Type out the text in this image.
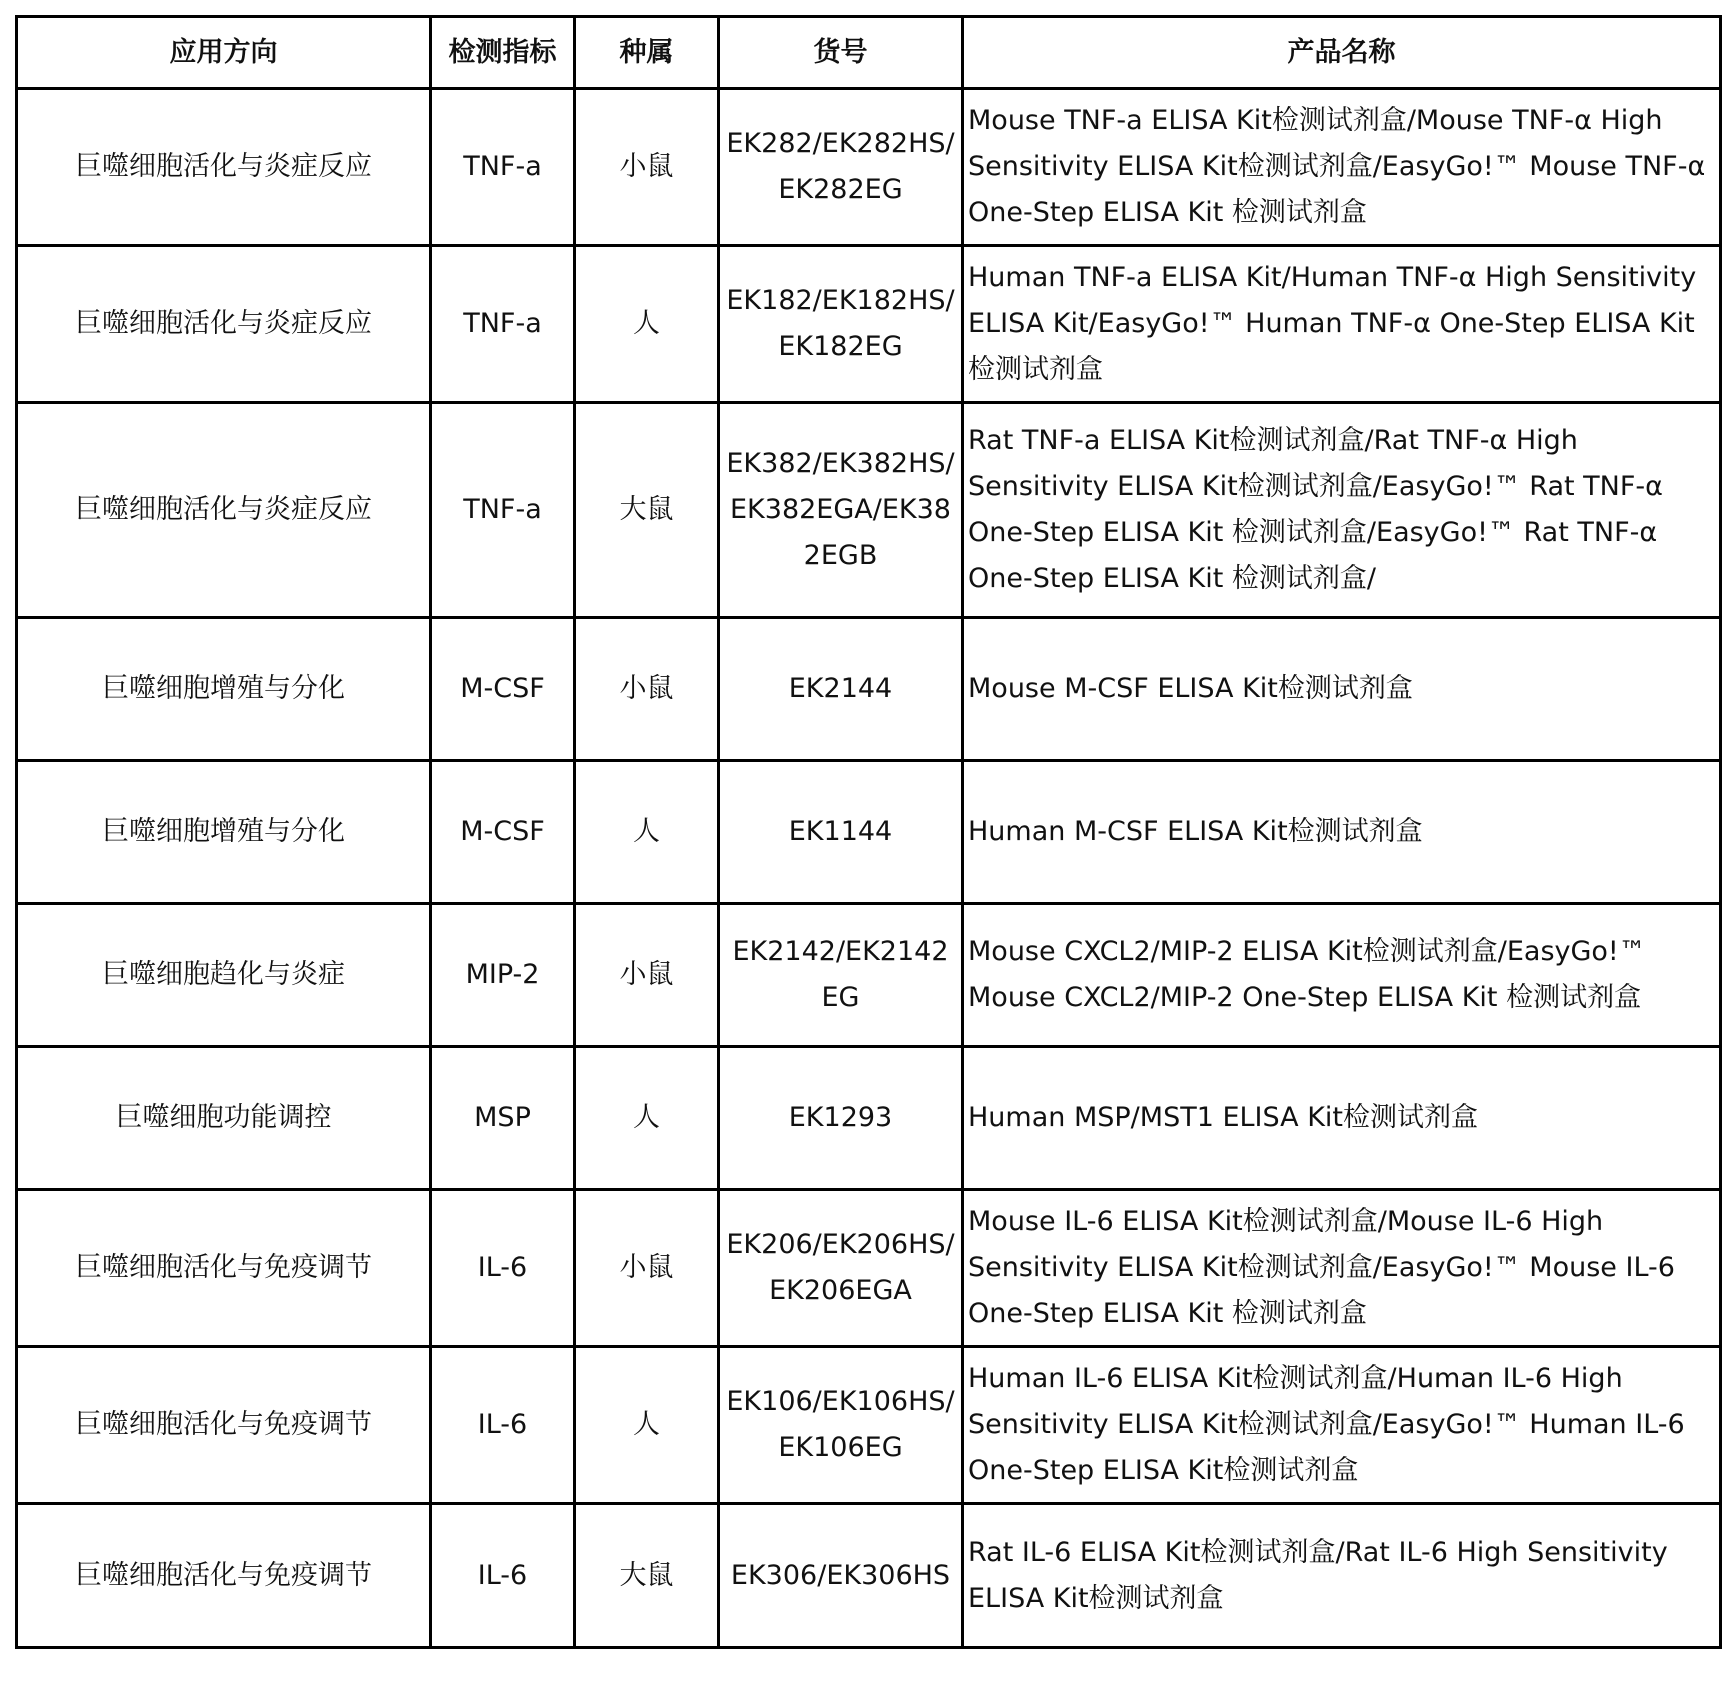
应用方向	检测指标	种属	货号	产品名称
巨噬细胞活化与炎症反应	TNF-a	小鼠	EK282/EK282HS/EK282EG	Mouse TNF-a ELISA Kit检测试剂盒/Mouse TNF-α High Sensitivity ELISA Kit检测试剂盒/EasyGo!™ Mouse TNF-α One-Step ELISA Kit 检测试剂盒
巨噬细胞活化与炎症反应	TNF-a	人	EK182/EK182HS/EK182EG	Human TNF-a ELISA Kit/Human TNF-α High Sensitivity ELISA Kit/EasyGo!™ Human TNF-α One-Step ELISA Kit检测试剂盒
巨噬细胞活化与炎症反应	TNF-a	大鼠	EK382/EK382HS/EK382EGA/EK382EGB	Rat TNF-a ELISA Kit检测试剂盒/Rat TNF-α High Sensitivity ELISA Kit检测试剂盒/EasyGo!™ Rat TNF-α One-Step ELISA Kit 检测试剂盒/EasyGo!™ Rat TNF-α One-Step ELISA Kit 检测试剂盒/
巨噬细胞增殖与分化	M-CSF	小鼠	EK2144	Mouse M-CSF ELISA Kit检测试剂盒
巨噬细胞增殖与分化	M-CSF	人	EK1144	Human M-CSF ELISA Kit检测试剂盒
巨噬细胞趋化与炎症	MIP-2	小鼠	EK2142/EK2142EG	Mouse CXCL2/MIP-2 ELISA Kit检测试剂盒/EasyGo!™ Mouse CXCL2/MIP-2 One-Step ELISA Kit 检测试剂盒
巨噬细胞功能调控	MSP	人	EK1293	Human MSP/MST1 ELISA Kit检测试剂盒
巨噬细胞活化与免疫调节	IL-6	小鼠	EK206/EK206HS/EK206EGA	Mouse IL-6 ELISA Kit检测试剂盒/Mouse IL-6 High Sensitivity ELISA Kit检测试剂盒/EasyGo!™ Mouse IL-6 One-Step ELISA Kit 检测试剂盒
巨噬细胞活化与免疫调节	IL-6	人	EK106/EK106HS/EK106EG	Human IL-6 ELISA Kit检测试剂盒/Human IL-6 High Sensitivity ELISA Kit检测试剂盒/EasyGo!™ Human IL-6 One-Step ELISA Kit检测试剂盒
巨噬细胞活化与免疫调节	IL-6	大鼠	EK306/EK306HS	Rat IL-6 ELISA Kit检测试剂盒/Rat IL-6 High Sensitivity ELISA Kit检测试剂盒
